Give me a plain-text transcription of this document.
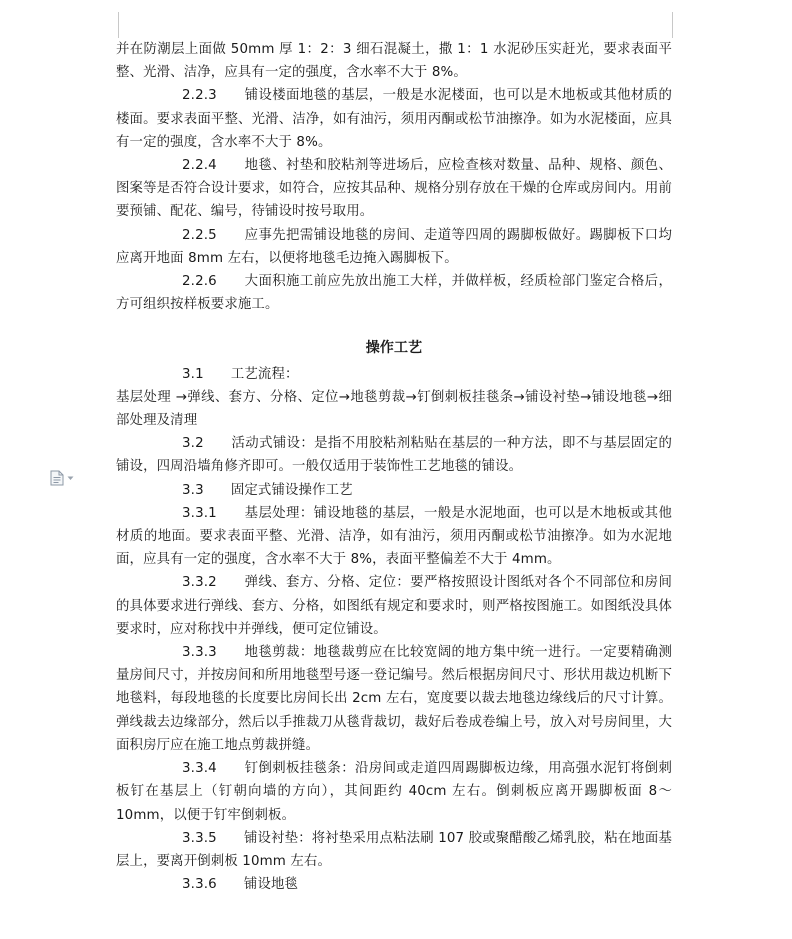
并在防潮层上面做 50mm 厚 1：2：3 细石混凝土，撒 1：1 水泥砂压实赶光，要求表面平整、光滑、洁净，应具有一定的强度，含水率不大于 8%。

2.2.3　　铺设楼面地毯的基层，一般是水泥楼面，也可以是木地板或其他材质的楼面。要求表面平整、光滑、洁净，如有油污，须用丙酮或松节油擦净。如为水泥楼面，应具有一定的强度，含水率不大于 8%。

2.2.4　　地毯、衬垫和胶粘剂等进场后，应检查核对数量、品种、规格、颜色、图案等是否符合设计要求，如符合，应按其品种、规格分别存放在干燥的仓库或房间内。用前要预铺、配花、编号，待铺设时按号取用。

2.2.5　　应事先把需铺设地毯的房间、走道等四周的踢脚板做好。踢脚板下口均应离开地面 8mm 左右，以便将地毯毛边掩入踢脚板下。

2.2.6　　大面积施工前应先放出施工大样，并做样板，经质检部门鉴定合格后，方可组织按样板要求施工。

操作工艺

3.1　　工艺流程：

基层处理 →弹线、套方、分格、定位→地毯剪裁→钉倒刺板挂毯条→铺设衬垫→铺设地毯→细部处理及清理

3.2　　活动式铺设：是指不用胶粘剂粘贴在基层的一种方法，即不与基层固定的铺设，四周沿墙角修齐即可。一般仅适用于装饰性工艺地毯的铺设。

3.3　　固定式铺设操作工艺

3.3.1　　基层处理：铺设地毯的基层，一般是水泥地面，也可以是木地板或其他材质的地面。要求表面平整、光滑、洁净，如有油污，须用丙酮或松节油擦净。如为水泥地面，应具有一定的强度，含水率不大于 8%，表面平整偏差不大于 4mm。

3.3.2　　弹线、套方、分格、定位：要严格按照设计图纸对各个不同部位和房间的具体要求进行弹线、套方、分格，如图纸有规定和要求时，则严格按图施工。如图纸没具体要求时，应对称找中并弹线，便可定位铺设。

3.3.3　　地毯剪裁：地毯裁剪应在比较宽阔的地方集中统一进行。一定要精确测量房间尺寸，并按房间和所用地毯型号逐一登记编号。然后根据房间尺寸、形状用裁边机断下地毯料，每段地毯的长度要比房间长出 2cm 左右，宽度要以裁去地毯边缘线后的尺寸计算。弹线裁去边缘部分，然后以手推裁刀从毯背裁切，裁好后卷成卷编上号，放入对号房间里，大面积房厅应在施工地点剪裁拼缝。

3.3.4　　钉倒刺板挂毯条：沿房间或走道四周踢脚板边缘，用高强水泥钉将倒刺板钉在基层上（钉朝向墙的方向），其间距约 40cm 左右。倒刺板应离开踢脚板面 8～10mm，以便于钉牢倒刺板。

3.3.5　　铺设衬垫：将衬垫采用点粘法刷 107 胶或聚醋酸乙烯乳胶，粘在地面基层上，要离开倒刺板 10mm 左右。

3.3.6　　铺设地毯
